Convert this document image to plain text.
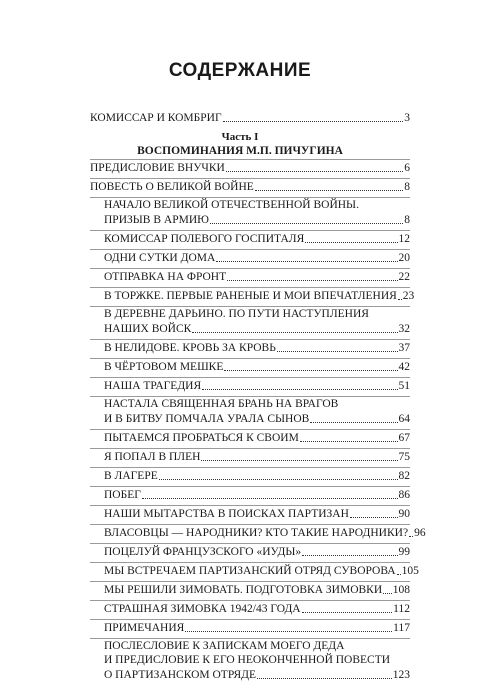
СОДЕРЖАНИЕ
КОМИССАР И КОМБРИГ	3
Часть I
ВОСПОМИНАНИЯ М.П. ПИЧУГИНА
ПРЕДИСЛОВИЕ ВНУЧКИ	6
ПОВЕСТЬ О ВЕЛИКОЙ ВОЙНЕ	8
НАЧАЛО ВЕЛИКОЙ ОТЕЧЕСТВЕННОЙ ВОЙНЫ.
ПРИЗЫВ В АРМИЮ	8
КОМИССАР ПОЛЕВОГО ГОСПИТАЛЯ	12
ОДНИ СУТКИ ДОМА	20
ОТПРАВКА НА ФРОНТ	22
В ТОРЖКЕ. ПЕРВЫЕ РАНЕНЫЕ И МОИ ВПЕЧАТЛЕНИЯ 23
В ДЕРЕВНЕ ДАРЬИНО. ПО ПУТИ НАСТУПЛЕНИЯ
НАШИХ ВОЙСК	32
В НЕЛИДОВЕ. КРОВЬ ЗА КРОВЬ	37
В ЧЁРТОВОМ МЕШКЕ	42
НАША ТРАГЕДИЯ	51
НАСТАЛА СВЯЩЕННАЯ БРАНЬ НА ВРАГОВ
И В БИТВУ ПОМЧАЛА УРАЛА СЫНОВ	64
ПЫТАЕМСЯ ПРОБРАТЬСЯ К СВОИМ	67
Я ПОПАЛ В ПЛЕН	75
В ЛАГЕРЕ	82
ПОБЕГ	86
НАШИ МЫТАРСТВА В ПОИСКАХ ПАРТИЗАН	90
ВЛАСОВЦЫ — НАРОДНИКИ? КТО ТАКИЕ НАРОДНИКИ? 96
ПОЦЕЛУЙ ФРАНЦУЗСКОГО «ИУДЫ»	99
МЫ ВСТРЕЧАЕМ ПАРТИЗАНСКИЙ ОТРЯД СУВОРОВА 105
МЫ РЕШИЛИ ЗИМОВАТЬ. ПОДГОТОВКА ЗИМОВКИ 108
СТРАШНАЯ ЗИМОВКА 1942/43 ГОДА	112
ПРИМЕЧАНИЯ	117
ПОСЛЕСЛОВИЕ К ЗАПИСКАМ МОЕГО ДЕДА
И ПРЕДИСЛОВИЕ К ЕГО НЕОКОНЧЕННОЙ ПОВЕСТИ
О ПАРТИЗАНСКОМ ОТРЯДЕ	123
